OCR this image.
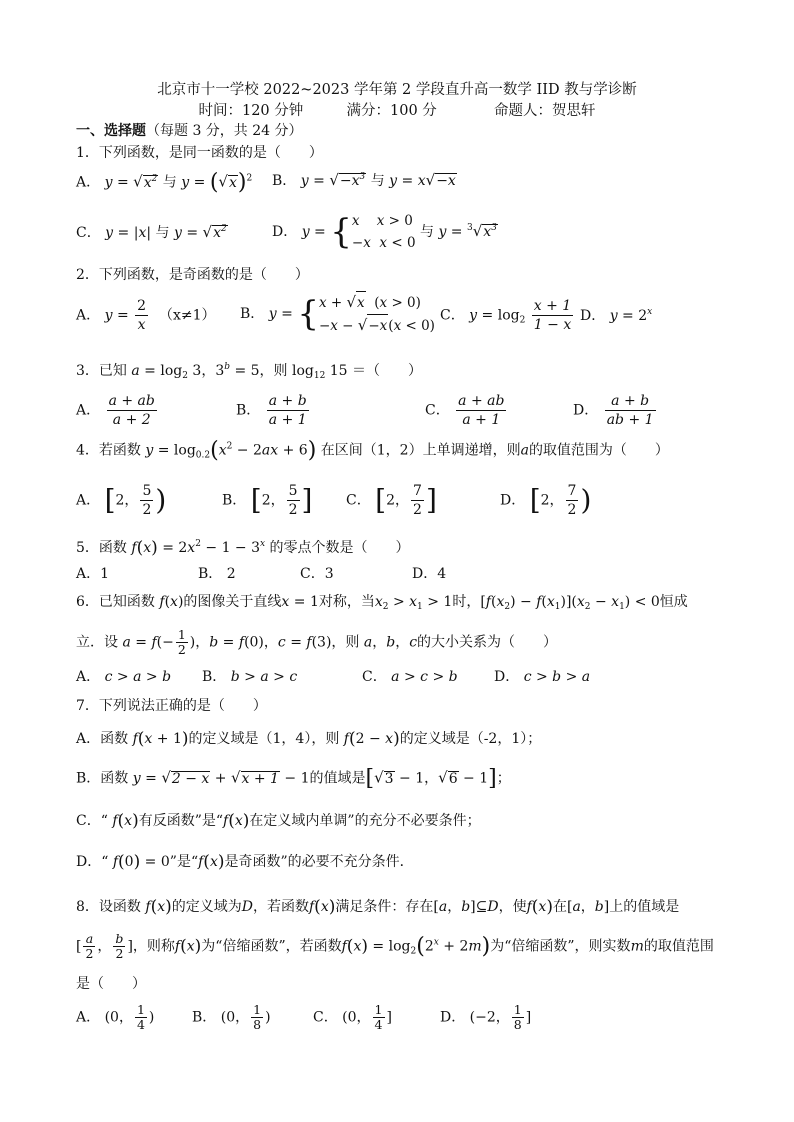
北京市十一学校 2022~2023 学年第 2 学段直升高一数学 IID 教与学诊断
时间：120 分钟	满分：100 分	命题人：贺思轩
一、选择题（每题 3 分，共 24 分）
1．下列函数，是同一函数的是（　　）
A． $y = √x^2$ 与 $y = (√x)^2$ B． $y = √-x^3$ 与 y = x√−x
C． y = |x| 与 $y = √x^2$	D． y = { x x > 0
−x x < 0
与 $y = ^3√x^3$
2．下列函数，是奇函数的是（　　）
A． $y = \frac{2}{x} (x\ne 1)$ B． y = { x + √x  (x > 0)
−x − √−x(x < 0)
C． $y = \log_2 \frac{x + 1}{1 - x}$ D． $y = 2^x$
3．已知 $a = \log_2 3$，$3^b = 5$，则 $\log_{12} 15$ ＝（　　）
A． $\frac{a + ab}{a + 2}$	B． $\frac{a + b}{a + 1}$	C． $\frac{a + ab}{a + 1}$	D． $\frac{a + b}{ab + 1}$
4．若函数 $y = \log_{0.2}(x^2 - 2ax + 6)$ 在区间（1，2）上单调递增，则a的取值范围为（　　）
A． [2， $\frac{5}{2}$ )	B． [2， $\frac{5}{2}$ ] C． [2， $\frac{7}{2}$ ]	D． [2， $\frac{7}{2}$ )
5．函数 $f(x) = 2x^2 - 1 - 3^x$ 的零点个数是（　　）
A．1	B． 2	C．3	D．4
6．已知函数 f(x)的图像关于直线x = 1对称，当$x_2 > x_1 > 1$时，$[f(x_2) - f(x_1)](x_2 - x_1) < 0$恒成
立．设 $a = f(- \frac{1}{2}$ )，b = f(0)，c = f(3)，则 a，b，c的大小关系为（　　）
A． c > a > b B． b > a > c	C． a > c > b	D． c > b > a
7．下列说法正确的是（　　）
A．函数 f(x + 1)的定义域是（1，4），则 f(2 − x)的定义域是（-2，1）；
B．函数 y = √2 − x + √x + 1 − 1的值域是[√3 − 1，√6 − 1]；
C．“ f(x)有反函数”是“f(x)在定义域内单调”的充分不必要条件；
D．“ f(0) = 0”是“f(x)是奇函数”的必要不充分条件．
8．设函数 f(x)的定义域为D，若函数f(x)满足条件：存在[a，b]⊆D，使f(x)在[a，b]上的值域是
[ $\frac{a}{2}$ ， $\frac{b}{2}$ ]，则称f(x)为“倍缩函数”，若函数$f(x) = \log_2(2^x + 2m)$为“倍缩函数”，则实数m的取值范围
是（　　）
A． (0， $\frac{1}{4}$ )	B． (0， $\frac{1}{8}$ )	C． (0， $\frac{1}{4}$ ]	D． (−2， $\frac{1}{8}$ ]
